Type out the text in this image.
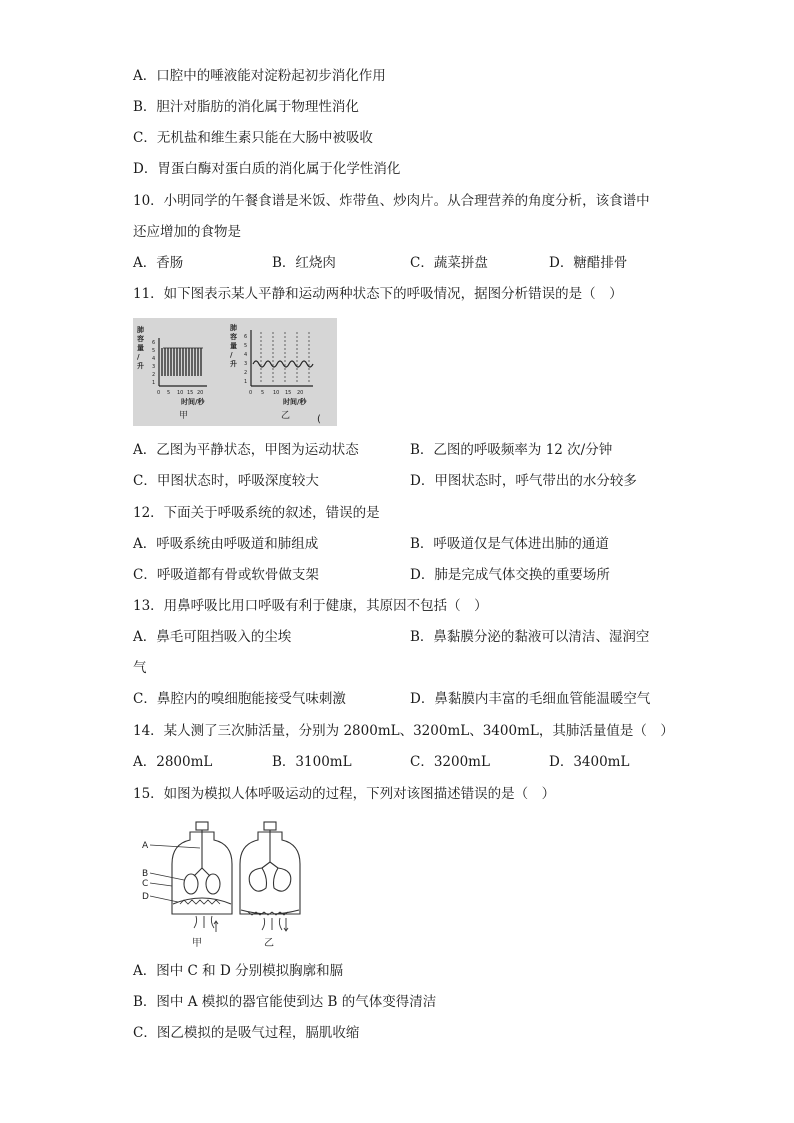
A．口腔中的唾液能对淀粉起初步消化作用
B．胆汁对脂肪的消化属于物理性消化
C．无机盐和维生素只能在大肠中被吸收
D．胃蛋白酶对蛋白质的消化属于化学性消化
10．小明同学的午餐食谱是米饭、炸带鱼、炒肉片。从合理营养的角度分析，该食谱中
还应增加的食物是
A．香肠	B．红烧肉	C．蔬菜拼盘	D．糖醋排骨
11．如下图表示某人平静和运动两种状态下的呼吸情况，据图分析错误的是（　）
肺
容
量
/
升
6
5
4
3
2
1
0 5 10 15 20
时间/秒
甲
肺
容
量
/
升
6
5
4
3
2
1
0 5 10 15 20
时间/秒
乙	(
A．乙图为平静状态，甲图为运动状态	B．乙图的呼吸频率为 12 次/分钟
C．甲图状态时，呼吸深度较大	D．甲图状态时，呼气带出的水分较多
12．下面关于呼吸系统的叙述，错误的是
A．呼吸系统由呼吸道和肺组成	B．呼吸道仅是气体进出肺的通道
C．呼吸道都有骨或软骨做支架	D．肺是完成气体交换的重要场所
13．用鼻呼吸比用口呼吸有利于健康，其原因不包括（　）
A．鼻毛可阻挡吸入的尘埃	B．鼻黏膜分泌的黏液可以清洁、湿润空
气
C．鼻腔内的嗅细胞能接受气味刺激	D．鼻黏膜内丰富的毛细血管能温暖空气
14．某人测了三次肺活量，分别为 2800mL、3200mL、3400mL，其肺活量值是（　）
A．2800mL	B．3100mL	C．3200mL	D．3400mL
15．如图为模拟人体呼吸运动的过程，下列对该图描述错误的是（　）
A
B
C
D
甲	乙
A．图中 C 和 D 分别模拟胸廓和膈
B．图中 A 模拟的器官能使到达 B 的气体变得清洁
C．图乙模拟的是吸气过程，膈肌收缩
